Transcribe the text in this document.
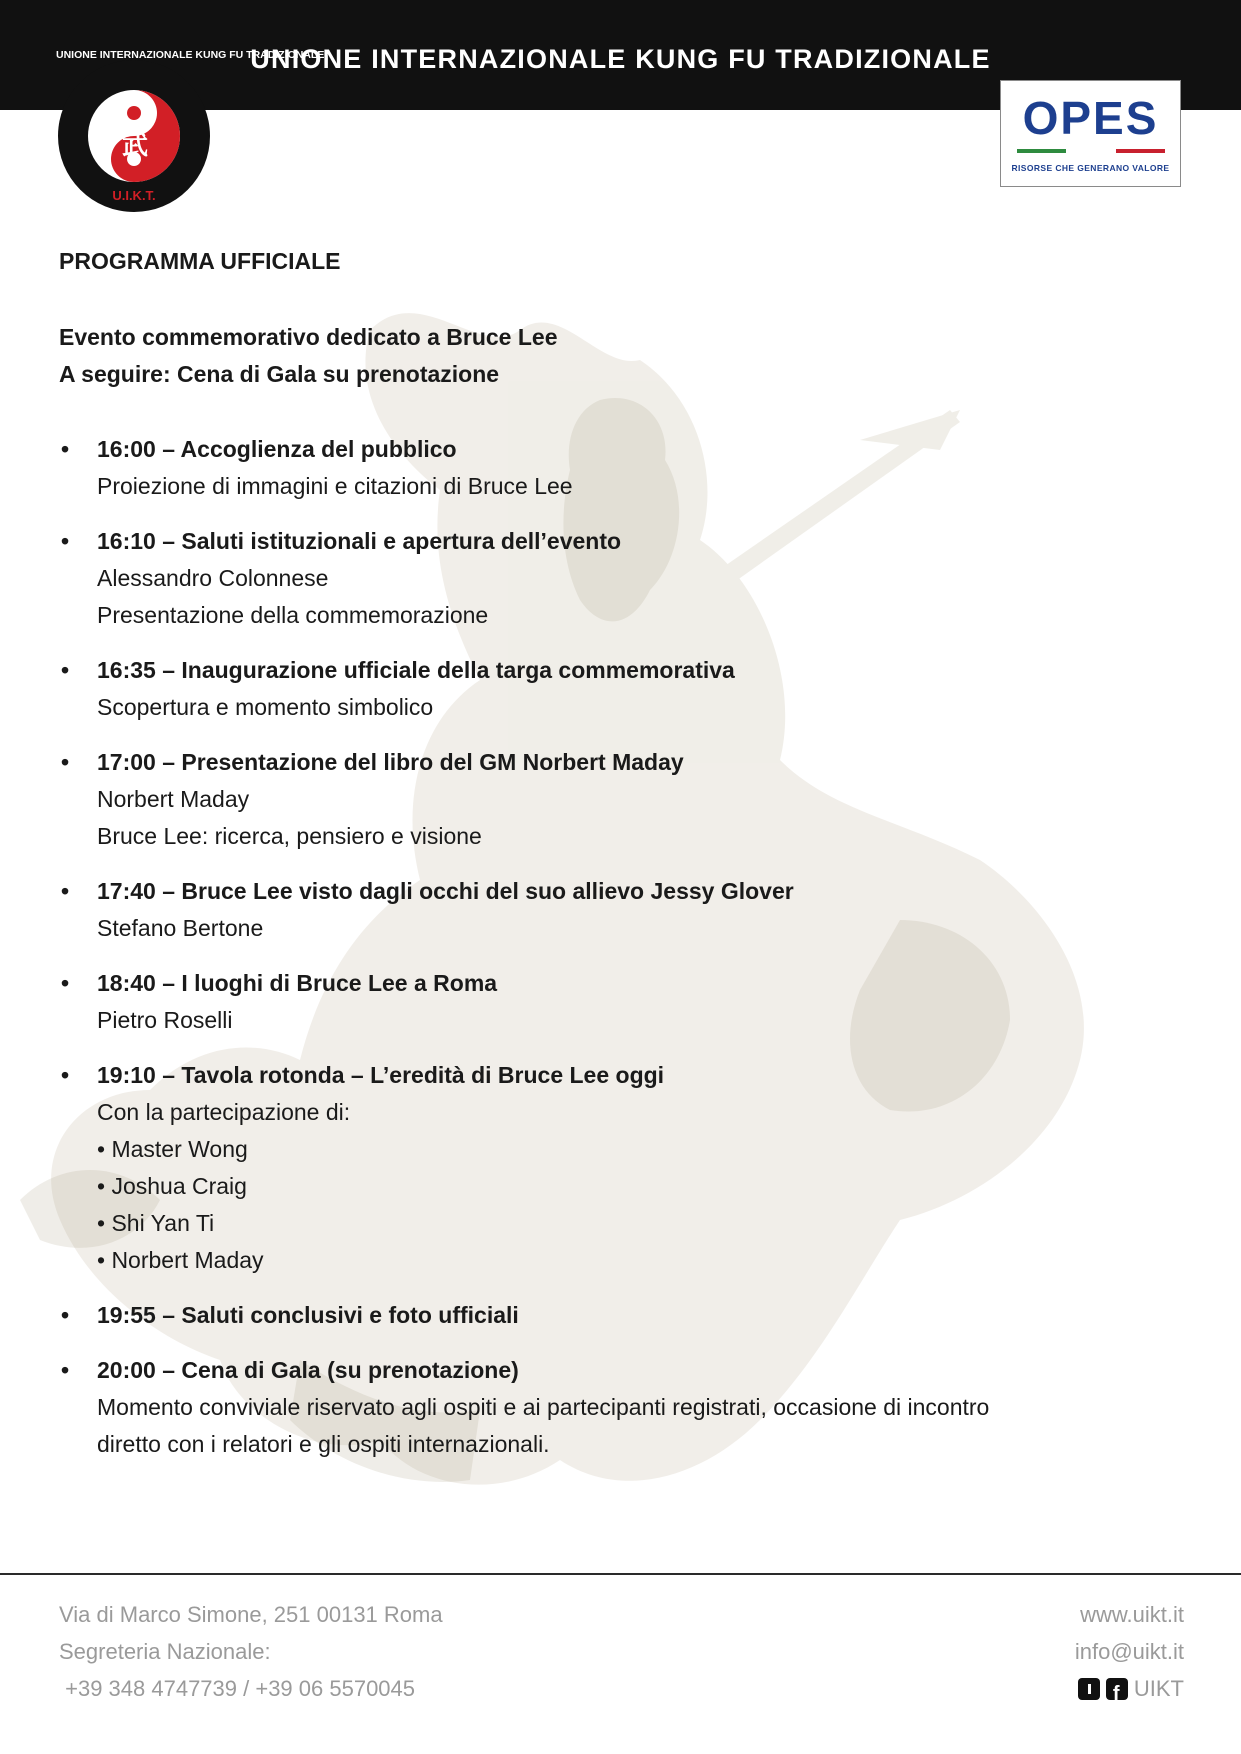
UNIONE INTERNAZIONALE KUNG FU TRADIZIONALE
UNIONE INTERNAZIONALE KUNG FU TRADIZIONALE
武
U.I.K.T.
OPES
RISORSE CHE GENERANO VALORE
PROGRAMMA UFFICIALE
Evento commemorativo dedicato a Bruce Lee
A seguire: Cena di Gala su prenotazione
• 16:00 – Accoglienza del pubblico
Proiezione di immagini e citazioni di Bruce Lee
• 16:10 – Saluti istituzionali e apertura dell’evento
Alessandro Colonnese
Presentazione della commemorazione
• 16:35 – Inaugurazione ufficiale della targa commemorativa
Scopertura e momento simbolico
• 17:00 – Presentazione del libro del GM Norbert Maday
Norbert Maday
Bruce Lee: ricerca, pensiero e visione
• 17:40 – Bruce Lee visto dagli occhi del suo allievo Jessy Glover
Stefano Bertone
• 18:40 – I luoghi di Bruce Lee a Roma
Pietro Roselli
• 19:10 – Tavola rotonda – L’eredità di Bruce Lee oggi
Con la partecipazione di:
• Master Wong
• Joshua Craig
• Shi Yan Ti
• Norbert Maday
• 19:55 – Saluti conclusivi e foto ufficiali
• 20:00 – Cena di Gala (su prenotazione)
Momento conviviale riservato agli ospiti e ai partecipanti registrati, occasione di incontro
diretto con i relatori e gli ospiti internazionali.
Via di Marco Simone, 251 00131 Roma
Segreteria Nazionale:
+39 348 4747739 / +39 06 5570045
www.uikt.it
info@uikt.it
f
UIKT
